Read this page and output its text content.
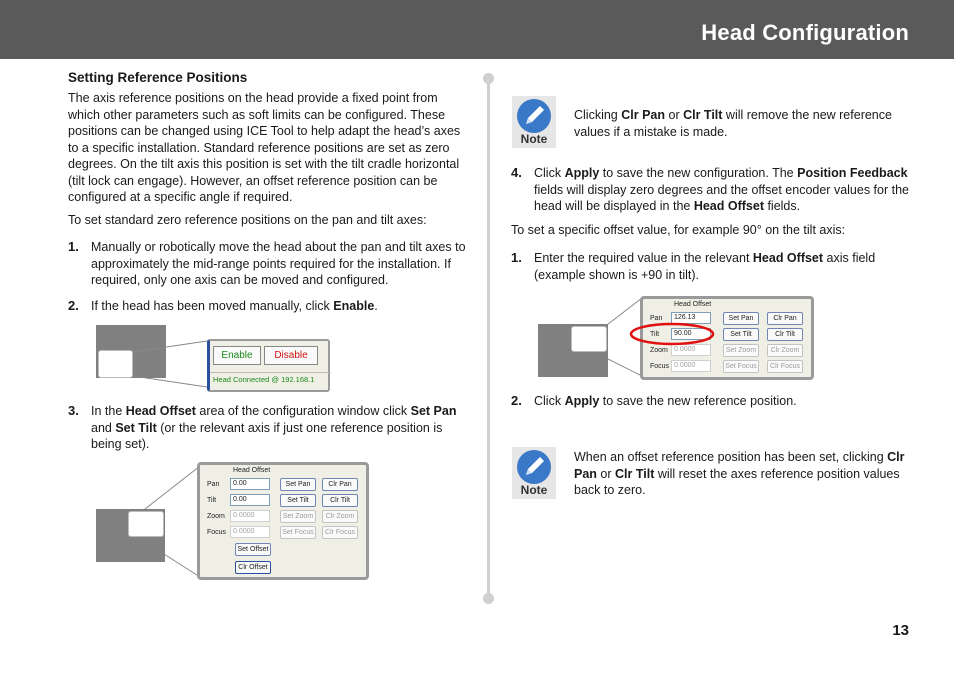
Head Configuration
Setting Reference Positions
The axis reference positions on the head provide a fixed point from which other parameters such as soft limits can be configured. These positions can be changed using ICE Tool to help adapt the head’s axes to a specific installation. Standard reference positions are set as zero degrees. On the tilt axis this position is set with the tilt cradle horizontal (tilt lock can engage). However, an offset reference position can be configured at a specific angle if required.
To set standard zero reference positions on the pan and tilt axes:
1. Manually or robotically move the head about the pan and tilt axes to approximately the mid-range points required for the installation. If required, only one axis can be moved and configured.
2. If the head has been moved manually, click Enable.
Enable	Disable
Head Connected @ 192.168.1
3. In the Head Offset area of the configuration window click Set Pan
and Set Tilt (or the relevant axis if just one reference position is being set).
Head Offset
Pan	0.00	Set Pan	Clr Pan
Tilt	0.00	Set Tilt	Clr Tilt
Zoom	0.0000	Set Zoom	Clr Zoom
Focus 0.0000	Set Focus	Clr Focus
Set Offset
Clr Offset
Note
Clicking Clr Pan or Clr Tilt will remove the new reference values if a mistake is made.
4. Click Apply to save the new configuration. The Position Feedback fields will display zero degrees and the offset encoder values for the head will be displayed in the Head Offset fields.
To set a specific offset value, for example 90° on the tilt axis:
1. Enter the required value in the relevant Head Offset axis field (example shown is +90 in tilt).
Head Offset
Pan	126.13	Set Pan	Clr Pan
Tilt	90.00	Set Tilt	Clr Tilt
Zoom 0.0000	Set Zoom	Clr Zoom
Focus 0.0000	Set Focus	Clr Focus
2. Click Apply to save the new reference position.
Note
When an offset reference position has been set, clicking Clr Pan or Clr Tilt will reset the axes reference position values back to zero.
13
